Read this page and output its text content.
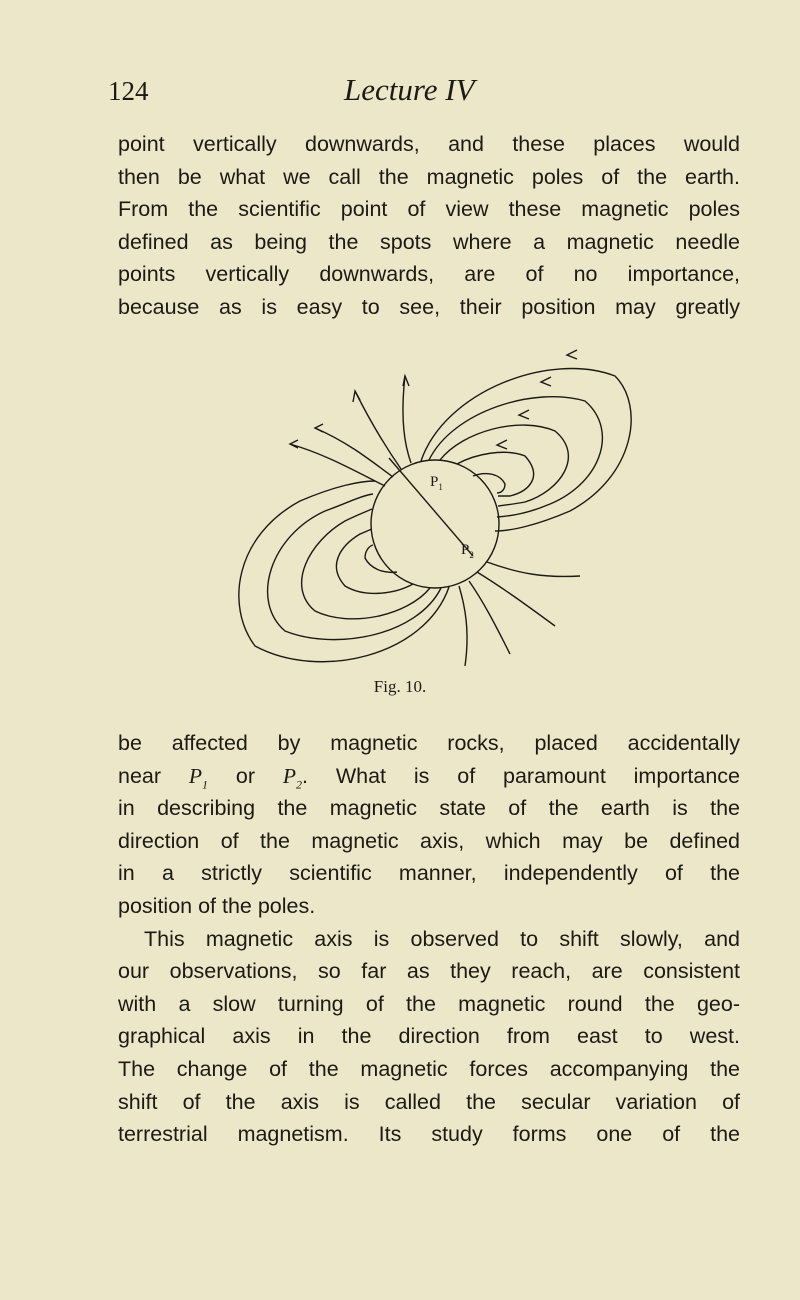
124	Lecture IV
point vertically downwards, and these places would
then be what we call the magnetic poles of the earth.
From the scientific point of view these magnetic poles
defined as being the spots where a magnetic needle
points vertically downwards, are of no importance,
because as is easy to see, their position may greatly
$P_1$
$P_2$
Fig. 10.
be affected by magnetic rocks, placed accidentally
near $P_1$ or $P_2$. What is of paramount importance
in describing the magnetic state of the earth is the
direction of the magnetic axis, which may be defined
in a strictly scientific manner, independently of the
position of the poles.
This magnetic axis is observed to shift slowly, and
our observations, so far as they reach, are consistent
with a slow turning of the magnetic round the geo-
graphical axis in the direction from east to west.
The change of the magnetic forces accompanying the
shift of the axis is called the secular variation of
terrestrial magnetism. Its study forms one of the
